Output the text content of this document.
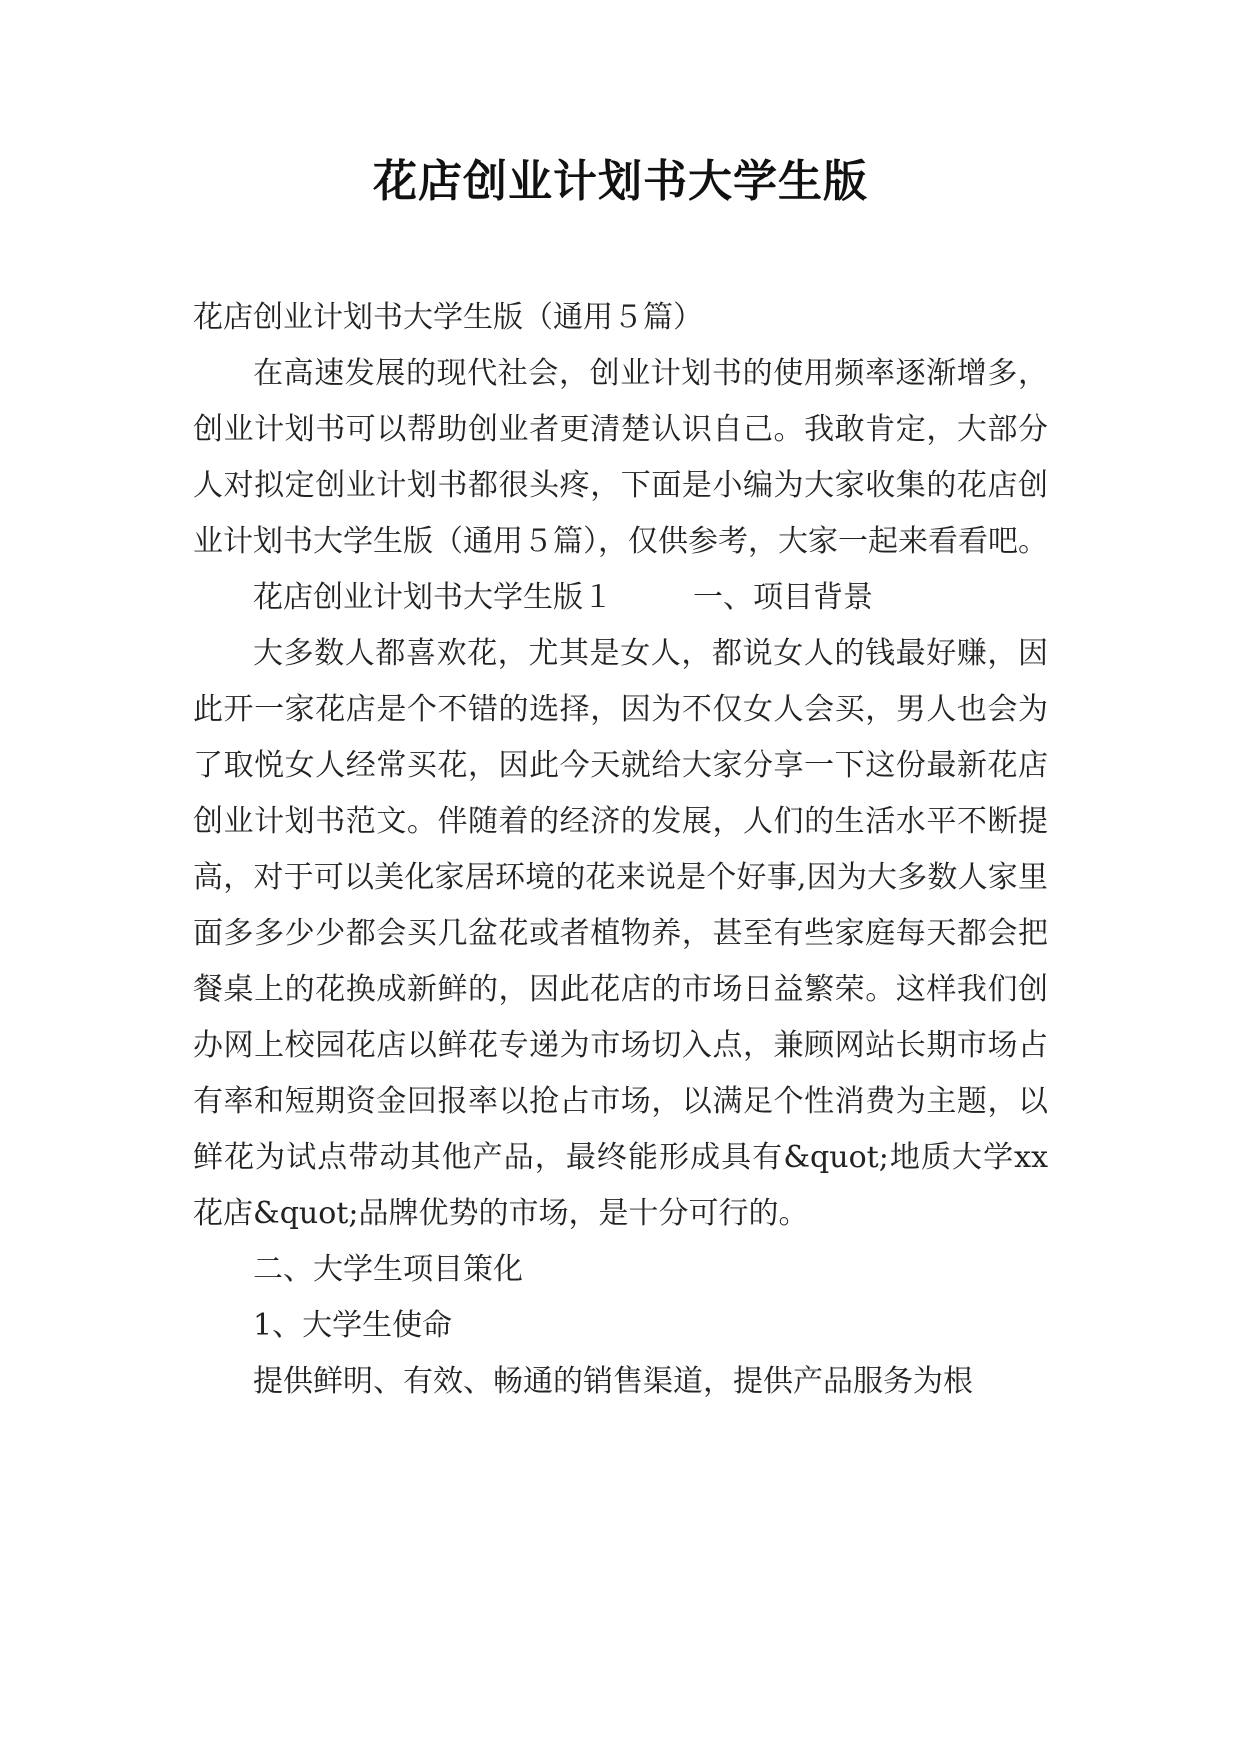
花店创业计划书大学生版

花店创业计划书大学生版（通用５篇）

在高速发展的现代社会，创业计划书的使用频率逐渐增多，创业计划书可以帮助创业者更清楚认识自己。我敢肯定，大部分人对拟定创业计划书都很头疼，下面是小编为大家收集的花店创业计划书大学生版（通用５篇），仅供参考，大家一起来看看吧。

花店创业计划书大学生版１	一、项目背景

大多数人都喜欢花，尤其是女人，都说女人的钱最好赚，因此开一家花店是个不错的选择，因为不仅女人会买，男人也会为了取悦女人经常买花，因此今天就给大家分享一下这份最新花店创业计划书范文。伴随着的经济的发展，人们的生活水平不断提高，对于可以美化家居环境的花来说是个好事,因为大多数人家里面多多少少都会买几盆花或者植物养，甚至有些家庭每天都会把餐桌上的花换成新鲜的，因此花店的市场日益繁荣。这样我们创办网上校园花店以鲜花专递为市场切入点，兼顾网站长期市场占有率和短期资金回报率以抢占市场，以满足个性消费为主题，以鲜花为试点带动其他产品，最终能形成具有&quot;地质大学xx花店&quot;品牌优势的市场，是十分可行的。

二、大学生项目策化

1、大学生使命

提供鲜明、有效、畅通的销售渠道，提供产品服务为根
